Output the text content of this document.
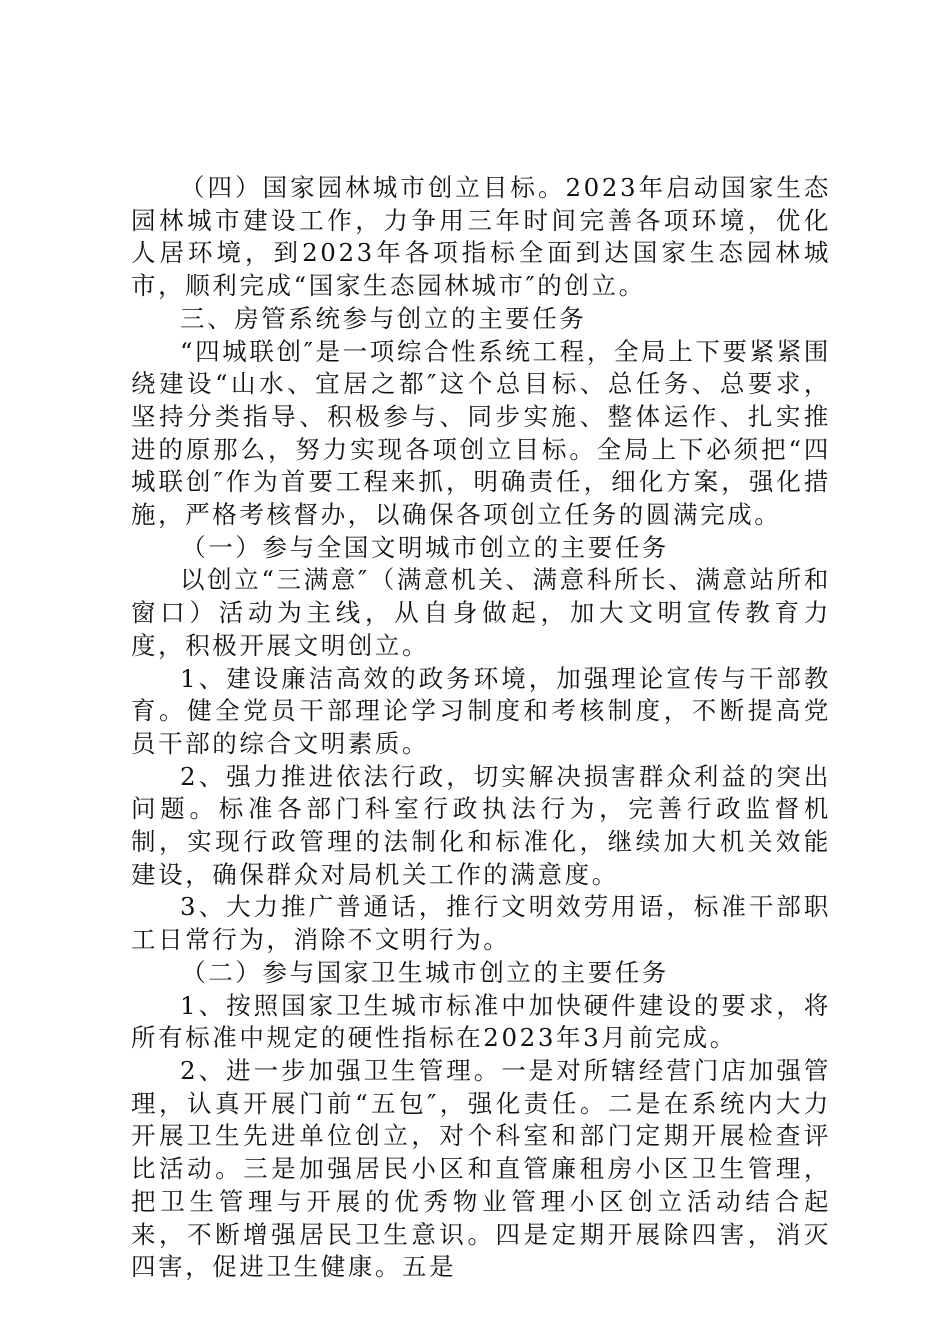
（四）国家园林城市创立目标。2023年启动国家生态园林城市建设工作，力争用三年时间完善各项环境，优化人居环境，到2023年各项指标全面到达国家生态园林城市，顺利完成“国家生态园林城市″的创立。

三、房管系统参与创立的主要任务

“四城联创″是一项综合性系统工程，全局上下要紧紧围绕建设“山水、宜居之都″这个总目标、总任务、总要求，坚持分类指导、积极参与、同步实施、整体运作、扎实推进的原那么，努力实现各项创立目标。全局上下必须把“四城联创″作为首要工程来抓，明确责任，细化方案，强化措施，严格考核督办，以确保各项创立任务的圆满完成。

（一）参与全国文明城市创立的主要任务

以创立“三满意″（满意机关、满意科所长、满意站所和窗口）活动为主线，从自身做起，加大文明宣传教育力度，积极开展文明创立。

1、建设廉洁高效的政务环境，加强理论宣传与干部教育。健全党员干部理论学习制度和考核制度，不断提高党员干部的综合文明素质。

2、强力推进依法行政，切实解决损害群众利益的突出问题。标准各部门科室行政执法行为，完善行政监督机制，实现行政管理的法制化和标准化，继续加大机关效能建设，确保群众对局机关工作的满意度。

3、大力推广普通话，推行文明效劳用语，标准干部职工日常行为，消除不文明行为。

（二）参与国家卫生城市创立的主要任务

1、按照国家卫生城市标准中加快硬件建设的要求，将所有标准中规定的硬性指标在2023年3月前完成。

2、进一步加强卫生管理。一是对所辖经营门店加强管理，认真开展门前“五包″，强化责任。二是在系统内大力开展卫生先进单位创立，对个科室和部门定期开展检查评比活动。三是加强居民小区和直管廉租房小区卫生管理，把卫生管理与开展的优秀物业管理小区创立活动结合起来，不断增强居民卫生意识。四是定期开展除四害，消灭四害，促进卫生健康。五是
